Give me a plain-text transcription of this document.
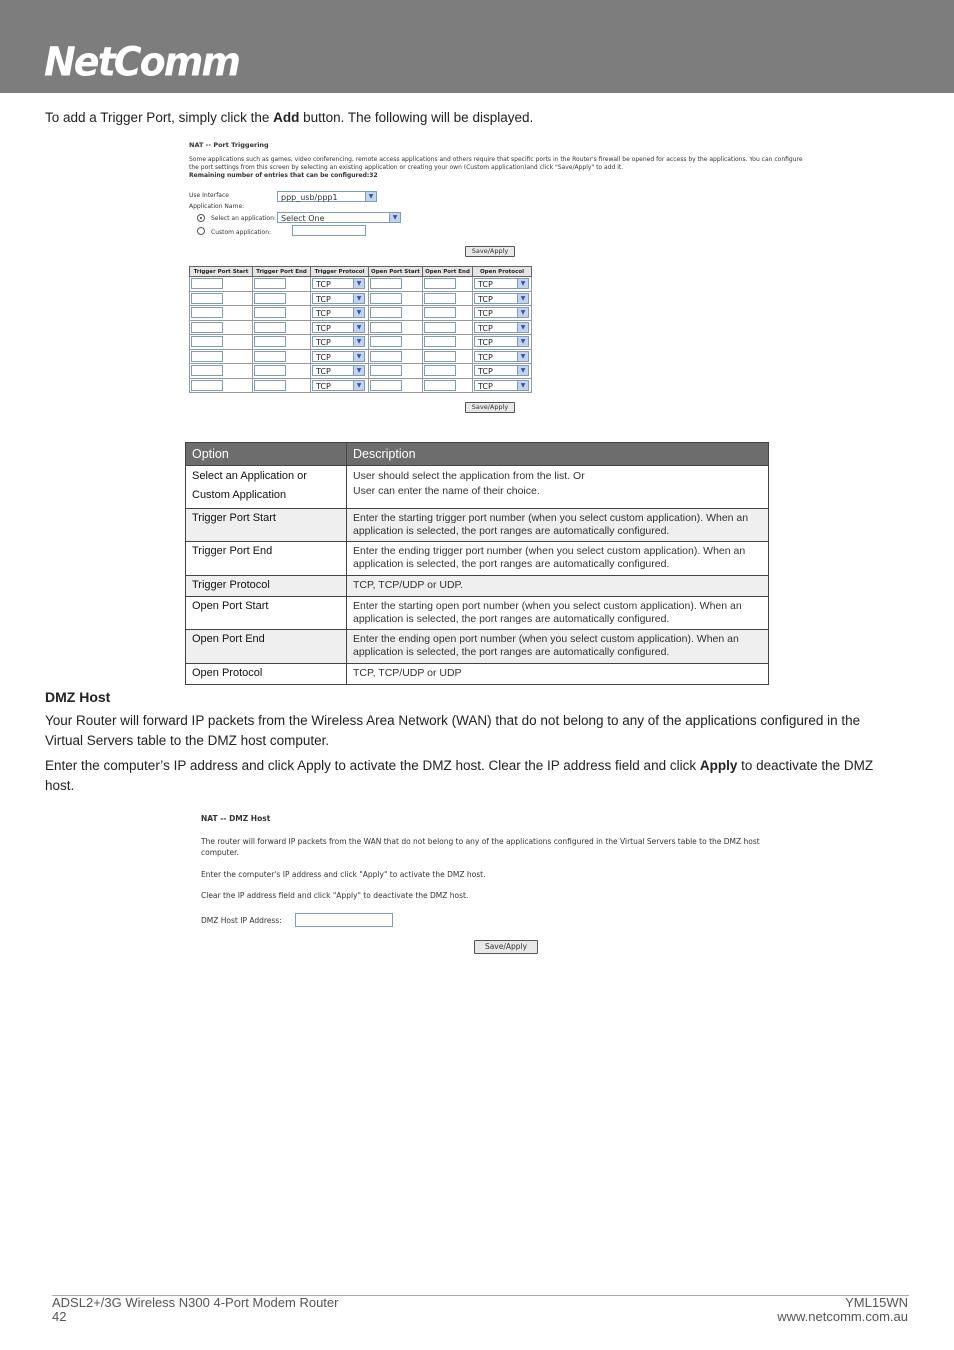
NetComm
To add a Trigger Port, simply click the Add button. The following will be displayed.
NAT -- Port Triggering
Some applications such as games, video conferencing, remote access applications and others require that specific ports in the Router's firewall be opened for access by the applications. You can configure
the port settings from this screen by selecting an existing application or creating your own (Custom application)and click "Save/Apply" to add it.
Remaining number of entries that can be configured:32
Use Interface	ppp_usb/ppp1	▼
Application Name:
Select an application: Select One	▼
Custom application:
Save/Apply
Save/Apply
Trigger Port Start	Trigger Port End	Trigger Protocol	Open Port Start	Open Port End	Open Protocol

		TCP ▼			TCP ▼

		TCP ▼			TCP ▼

		TCP ▼			TCP ▼

		TCP ▼			TCP ▼

		TCP ▼			TCP ▼

		TCP ▼			TCP ▼

		TCP ▼			TCP ▼

		TCP ▼			TCP ▼
Option	Description
Select an Application or
Custom Application	User should select the application from the list. Or
User can enter the name of their choice.
Trigger Port Start	Enter the starting trigger port number (when you select custom application). When an
application is selected, the port ranges are automatically configured.
Trigger Port End	Enter the ending trigger port number (when you select custom application). When an
application is selected, the port ranges are automatically configured.
Trigger Protocol	TCP, TCP/UDP or UDP.
Open Port Start	Enter the starting open port number (when you select custom application). When an
application is selected, the port ranges are automatically configured.
Open Port End	Enter the ending open port number (when you select custom application). When an
application is selected, the port ranges are automatically configured.
Open Protocol	TCP, TCP/UDP or UDP
DMZ Host
Your Router will forward IP packets from the Wireless Area Network (WAN) that do not belong to any of the applications configured in the
Virtual Servers table to the DMZ host computer.
Enter the computer’s IP address and click Apply to activate the DMZ host. Clear the IP address field and click Apply to deactivate the DMZ
host.
NAT -- DMZ Host
The router will forward IP packets from the WAN that do not belong to any of the applications configured in the Virtual Servers table to the DMZ host
computer.
Enter the computer's IP address and click "Apply" to activate the DMZ host.
Clear the IP address field and click "Apply" to deactivate the DMZ host.
DMZ Host IP Address:
Save/Apply
ADSL2+/3G Wireless N300 4-Port Modem Router
42
YML15WN
www.netcomm.com.au
